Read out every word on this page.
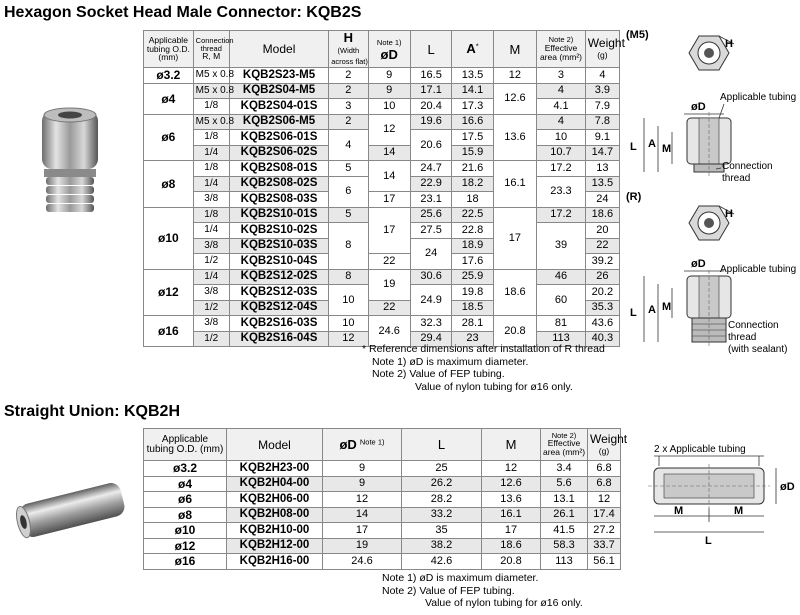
Hexagon Socket Head Male Connector: KQB2S
Applicable
tubing O.D.
(mm)	Connection
thread
R, M	Model	H
(Width
across flat)	Note 1)
øD	L	A*	M	Note 2)
Effective
area (mm²)	Weight
(g)
ø3.2	M5 x 0.8	KQB2S23-M5	2	9	16.5	13.5	12	3	4
ø4	M5 x 0.8	KQB2S04-M5	2	9	17.1	14.1	12.6	4	3.9
	1/8	KQB2S04-01S	3	10	20.4	17.3		4.1	7.9
ø6	M5 x 0.8	KQB2S06-M5	2	12	19.6	16.6	13.6	4	7.8
	1/8	KQB2S06-01S	4		20.6	17.5		10	9.1
	1/4	KQB2S06-02S		14		15.9		10.7	14.7
ø8	1/8	KQB2S08-01S	5	14	24.7	21.6	16.1	17.2	13
	1/4	KQB2S08-02S	6		22.9	18.2		23.3	13.5
	3/8	KQB2S08-03S		17	23.1	18			24
ø10	1/8	KQB2S10-01S	5	17	25.6	22.5	17	17.2	18.6
	1/4	KQB2S10-02S	8		27.5	22.8		39	20
	3/8	KQB2S10-03S			24	18.9			22
	1/2	KQB2S10-04S		22		17.6			39.2
ø12	1/4	KQB2S12-02S	8	19	30.6	25.9	18.6	46	26
	3/8	KQB2S12-03S	10		24.9	19.8		60	20.2
	1/2	KQB2S12-04S		22		18.5			35.3
ø16	3/8	KQB2S16-03S	10	24.6	32.3	28.1	20.8	81	43.6
	1/2	KQB2S16-04S	12		29.4	23		113	40.3
* Reference dimensions after installation of R thread
Note 1) øD is maximum diameter.
Note 2) Value of FEP tubing.
Value of nylon tubing for ø16 only.
(M5)
H
øD
Applicable tubing
L A M
Connection
thread
(R)
H
øD Applicable tubing
L A M
Connection
thread
(with sealant)
Straight Union: KQB2H
Applicable
tubing O.D. (mm)	Model	øD $^{Note 1)}$	L	M	Note 2)
Effective
area (mm²)	Weight
(g)
ø3.2	KQB2H23-00	9	25	12	3.4	6.8
ø4	KQB2H04-00	9	26.2	12.6	5.6	6.8
ø6	KQB2H06-00	12	28.2	13.6	13.1	12
ø8	KQB2H08-00	14	33.2	16.1	26.1	17.4
ø10	KQB2H10-00	17	35	17	41.5	27.2
ø12	KQB2H12-00	19	38.2	18.6	58.3	33.7
ø16	KQB2H16-00	24.6	42.6	20.8	113	56.1
Note 1) øD is maximum diameter.
Note 2) Value of FEP tubing.
Value of nylon tubing for ø16 only.
2 x Applicable tubing
øD
M	M
L
